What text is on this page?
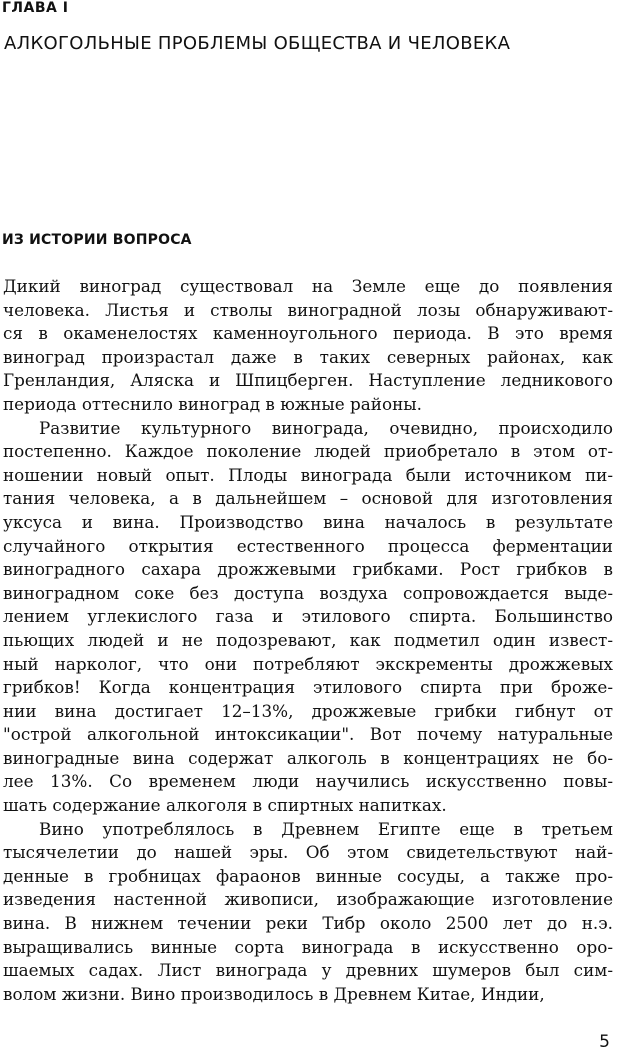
ГЛАВА I
АЛКОГОЛЬНЫЕ ПРОБЛЕМЫ ОБЩЕСТВА И ЧЕЛОВЕКА
ИЗ ИСТОРИИ ВОПРОСА
Дикий виноград существовал на Земле еще до появления
человека. Листья и стволы виноградной лозы обнаруживают-
ся в окаменелостях каменноугольного периода. В это время
виноград произрастал даже в таких северных районах, как
Гренландия, Аляска и Шпицберген. Наступление ледникового
периода оттеснило виноград в южные районы.
Развитие культурного винограда, очевидно, происходило
постепенно. Каждое поколение людей приобретало в этом от-
ношении новый опыт. Плоды винограда были источником пи-
тания человека, а в дальнейшем – основой для изготовления
уксуса и вина. Производство вина началось в результате
случайного открытия естественного процесса ферментации
виноградного сахара дрожжевыми грибками. Рост грибков в
виноградном соке без доступа воздуха сопровождается выде-
лением углекислого газа и этилового спирта. Большинство
пьющих людей и не подозревают, как подметил один извест-
ный нарколог, что они потребляют экскременты дрожжевых
грибков! Когда концентрация этилового спирта при броже-
нии вина достигает 12–13%, дрожжевые грибки гибнут от
"острой алкогольной интоксикации". Вот почему натуральные
виноградные вина содержат алкоголь в концентрациях не бо-
лее 13%. Со временем люди научились искусственно повы-
шать содержание алкоголя в спиртных напитках.
Вино употреблялось в Древнем Египте еще в третьем
тысячелетии до нашей эры. Об этом свидетельствуют най-
денные в гробницах фараонов винные сосуды, а также про-
изведения настенной живописи, изображающие изготовление
вина. В нижнем течении реки Тибр около 2500 лет до н.э.
выращивались винные сорта винограда в искусственно оро-
шаемых садах. Лист винограда у древних шумеров был сим-
волом жизни. Вино производилось в Древнем Китае, Индии,
5
